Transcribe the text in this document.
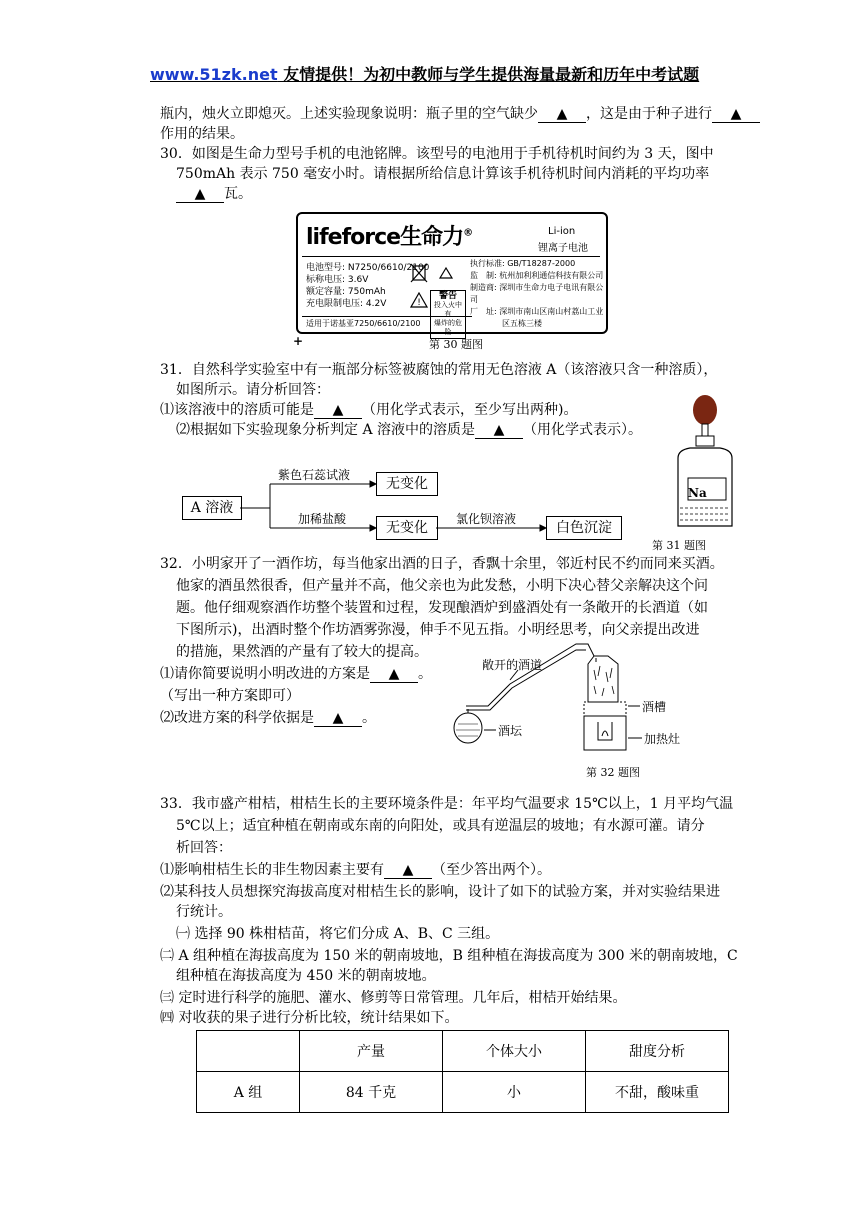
www.51zk.net 友情提供！为初中教师与学生提供海量最新和历年中考试题
瓶内，烛火立即熄灭。上述实验现象说明：瓶子里的空气缺少 ▲ ，这是由于种子进行 ▲
作用的结果。
30．如图是生命力型号手机的电池铭牌。该型号的电池用于手机待机时间约为 3 天，图中
750mAh 表示 750 毫安小时。请根据所给信息计算该手机待机时间内消耗的平均功率
▲ 瓦。
lifeforce生命力®	Li-ion
锂离子电池
电池型号: N7250/6610/2100
标称电压: 3.6V
额定容量: 750mAh
充电限制电压: 4.2V	!
警告
投入火中有
爆炸的危险
执行标准: GB/T18287-2000
监　制: 杭州加利利通信科技有限公司
制造商: 深圳市生命力电子电讯有限公司
厂　址: 深圳市南山区南山村荔山工业
区五栋三楼
适用于诺基亚7250/6610/2100
+	第 30 题图
31．自然科学实验室中有一瓶部分标签被腐蚀的常用无色溶液 A（该溶液只含一种溶质），
如图所示。请分析回答：
⑴该溶液中的溶质可能是 ▲ （用化学式表示，至少写出两种)。
⑵根据如下实验现象分析判定 A 溶液中的溶质是 ▲ （用化学式表示）。
A 溶液
紫色石蕊试液
无变化
加稀盐酸
无变化
氯化钡溶液
白色沉淀
Na
第 31 题图
32．小明家开了一酒作坊，每当他家出酒的日子，香飘十余里，邻近村民不约而同来买酒。
他家的酒虽然很香，但产量并不高，他父亲也为此发愁，小明下决心替父亲解决这个问
题。他仔细观察酒作坊整个装置和过程，发现酿酒炉到盛酒处有一条敞开的长酒道（如
下图所示)，出酒时整个作坊酒雾弥漫，伸手不见五指。小明经思考，向父亲提出改进
的措施，果然酒的产量有了较大的提高。
⑴请你简要说明小明改进的方案是 ▲ 。
（写出一种方案即可）
⑵改进方案的科学依据是 ▲ 。
敞开的酒道
酒槽
酒坛
加热灶
第 32 题图
33．我市盛产柑桔，柑桔生长的主要环境条件是：年平均气温要求 15℃以上，1 月平均气温
5℃以上；适宜种植在朝南或东南的向阳处，或具有逆温层的坡地；有水源可灌。请分
析回答：
⑴影响柑桔生长的非生物因素主要有 ▲ （至少答出两个）。
⑵某科技人员想探究海拔高度对柑桔生长的影响，设计了如下的试验方案，并对实验结果进
行统计。
㈠ 选择 90 株柑桔苗，将它们分成 A、B、C 三组。
㈡ A 组种植在海拔高度为 150 米的朝南坡地，B 组种植在海拔高度为 300 米的朝南坡地，C
组种植在海拔高度为 450 米的朝南坡地。
㈢ 定时进行科学的施肥、灌水、修剪等日常管理。几年后，柑桔开始结果。
㈣ 对收获的果子进行分析比较，统计结果如下。
	产量	个体大小	甜度分析
A 组	84 千克	小	不甜，酸味重
